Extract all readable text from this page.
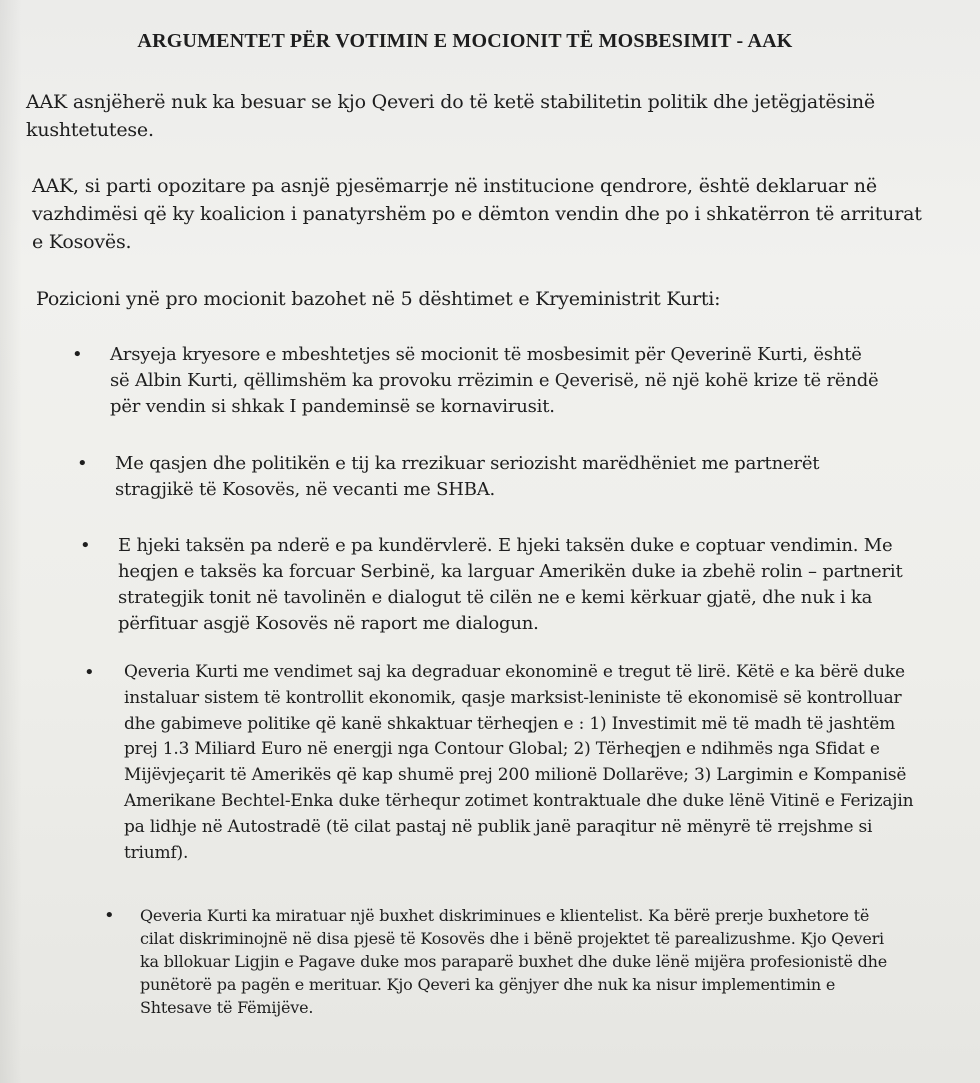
ARGUMENTET PËR VOTIMIN E MOCIONIT TË MOSBESIMIT - AAK

AAK asnjëherë nuk ka besuar se kjo Qeveri do të ketë stabilitetin politik dhe jetëgjatësinë kushtetutese.

AAK, si parti opozitare pa asnjë pjesëmarrje në institucione qendrore, është deklaruar në vazhdimësi që ky koalicion i panatyrshëm po e dëmton vendin dhe po i shkatërron të arriturat e Kosovës.

Pozicioni ynë pro mocionit bazohet në 5 dështimet e Kryeministrit Kurti:

• Arsyeja kryesore e mbeshtetjes së mocionit të mosbesimit për Qeverinë Kurti, është së Albin Kurti, qëllimshëm ka provoku rrëzimin e Qeverisë, në një kohë krize të rëndë për vendin si shkak I pandeminsë se kornavirusit.
• Me qasjen dhe politikën e tij ka rrezikuar seriozisht marëdhëniet me partnerët stragjikë të Kosovës, në vecanti me SHBA.
• E hjeki taksën pa nderë e pa kundërvlerë. E hjeki taksën duke e coptuar vendimin. Me heqjen e taksës ka forcuar Serbinë, ka larguar Amerikën duke ia zbehë rolin – partnerit strategjik tonit në tavolinën e dialogut të cilën ne e kemi kërkuar gjatë, dhe nuk i ka përfituar asgjë Kosovës në raport me dialogun.
• Qeveria Kurti me vendimet saj ka degraduar ekonominë e tregut të lirë. Këtë e ka bërë duke instaluar sistem të kontrollit ekonomik, qasje marksist-leniniste të ekonomisë së kontrolluar dhe gabimeve politike që kanë shkaktuar tërheqjen e : 1) Investimit më të madh të jashtëm prej 1.3 Miliard Euro në energji nga Contour Global; 2) Tërheqjen e ndihmës nga Sfidat e Mijëvjeçarit të Amerikës që kap shumë prej 200 milionë Dollarëve; 3) Largimin e Kompanisë Amerikane Bechtel-Enka duke tërhequr zotimet kontraktuale dhe duke lënë Vitinë e Ferizajin pa lidhje në Autostradë (të cilat pastaj në publik janë paraqitur në mënyrë të rrejshme si triumf).
• Qeveria Kurti ka miratuar një buxhet diskriminues e klientelist. Ka bërë prerje buxhetore të cilat diskriminojnë në disa pjesë të Kosovës dhe i bënë projektet të parealizushme. Kjo Qeveri ka bllokuar Ligjin e Pagave duke mos paraparë buxhet dhe duke lënë mijëra profesionistë dhe punëtorë pa pagën e merituar. Kjo Qeveri ka gënjyer dhe nuk ka nisur implementimin e Shtesave të Fëmijëve.
